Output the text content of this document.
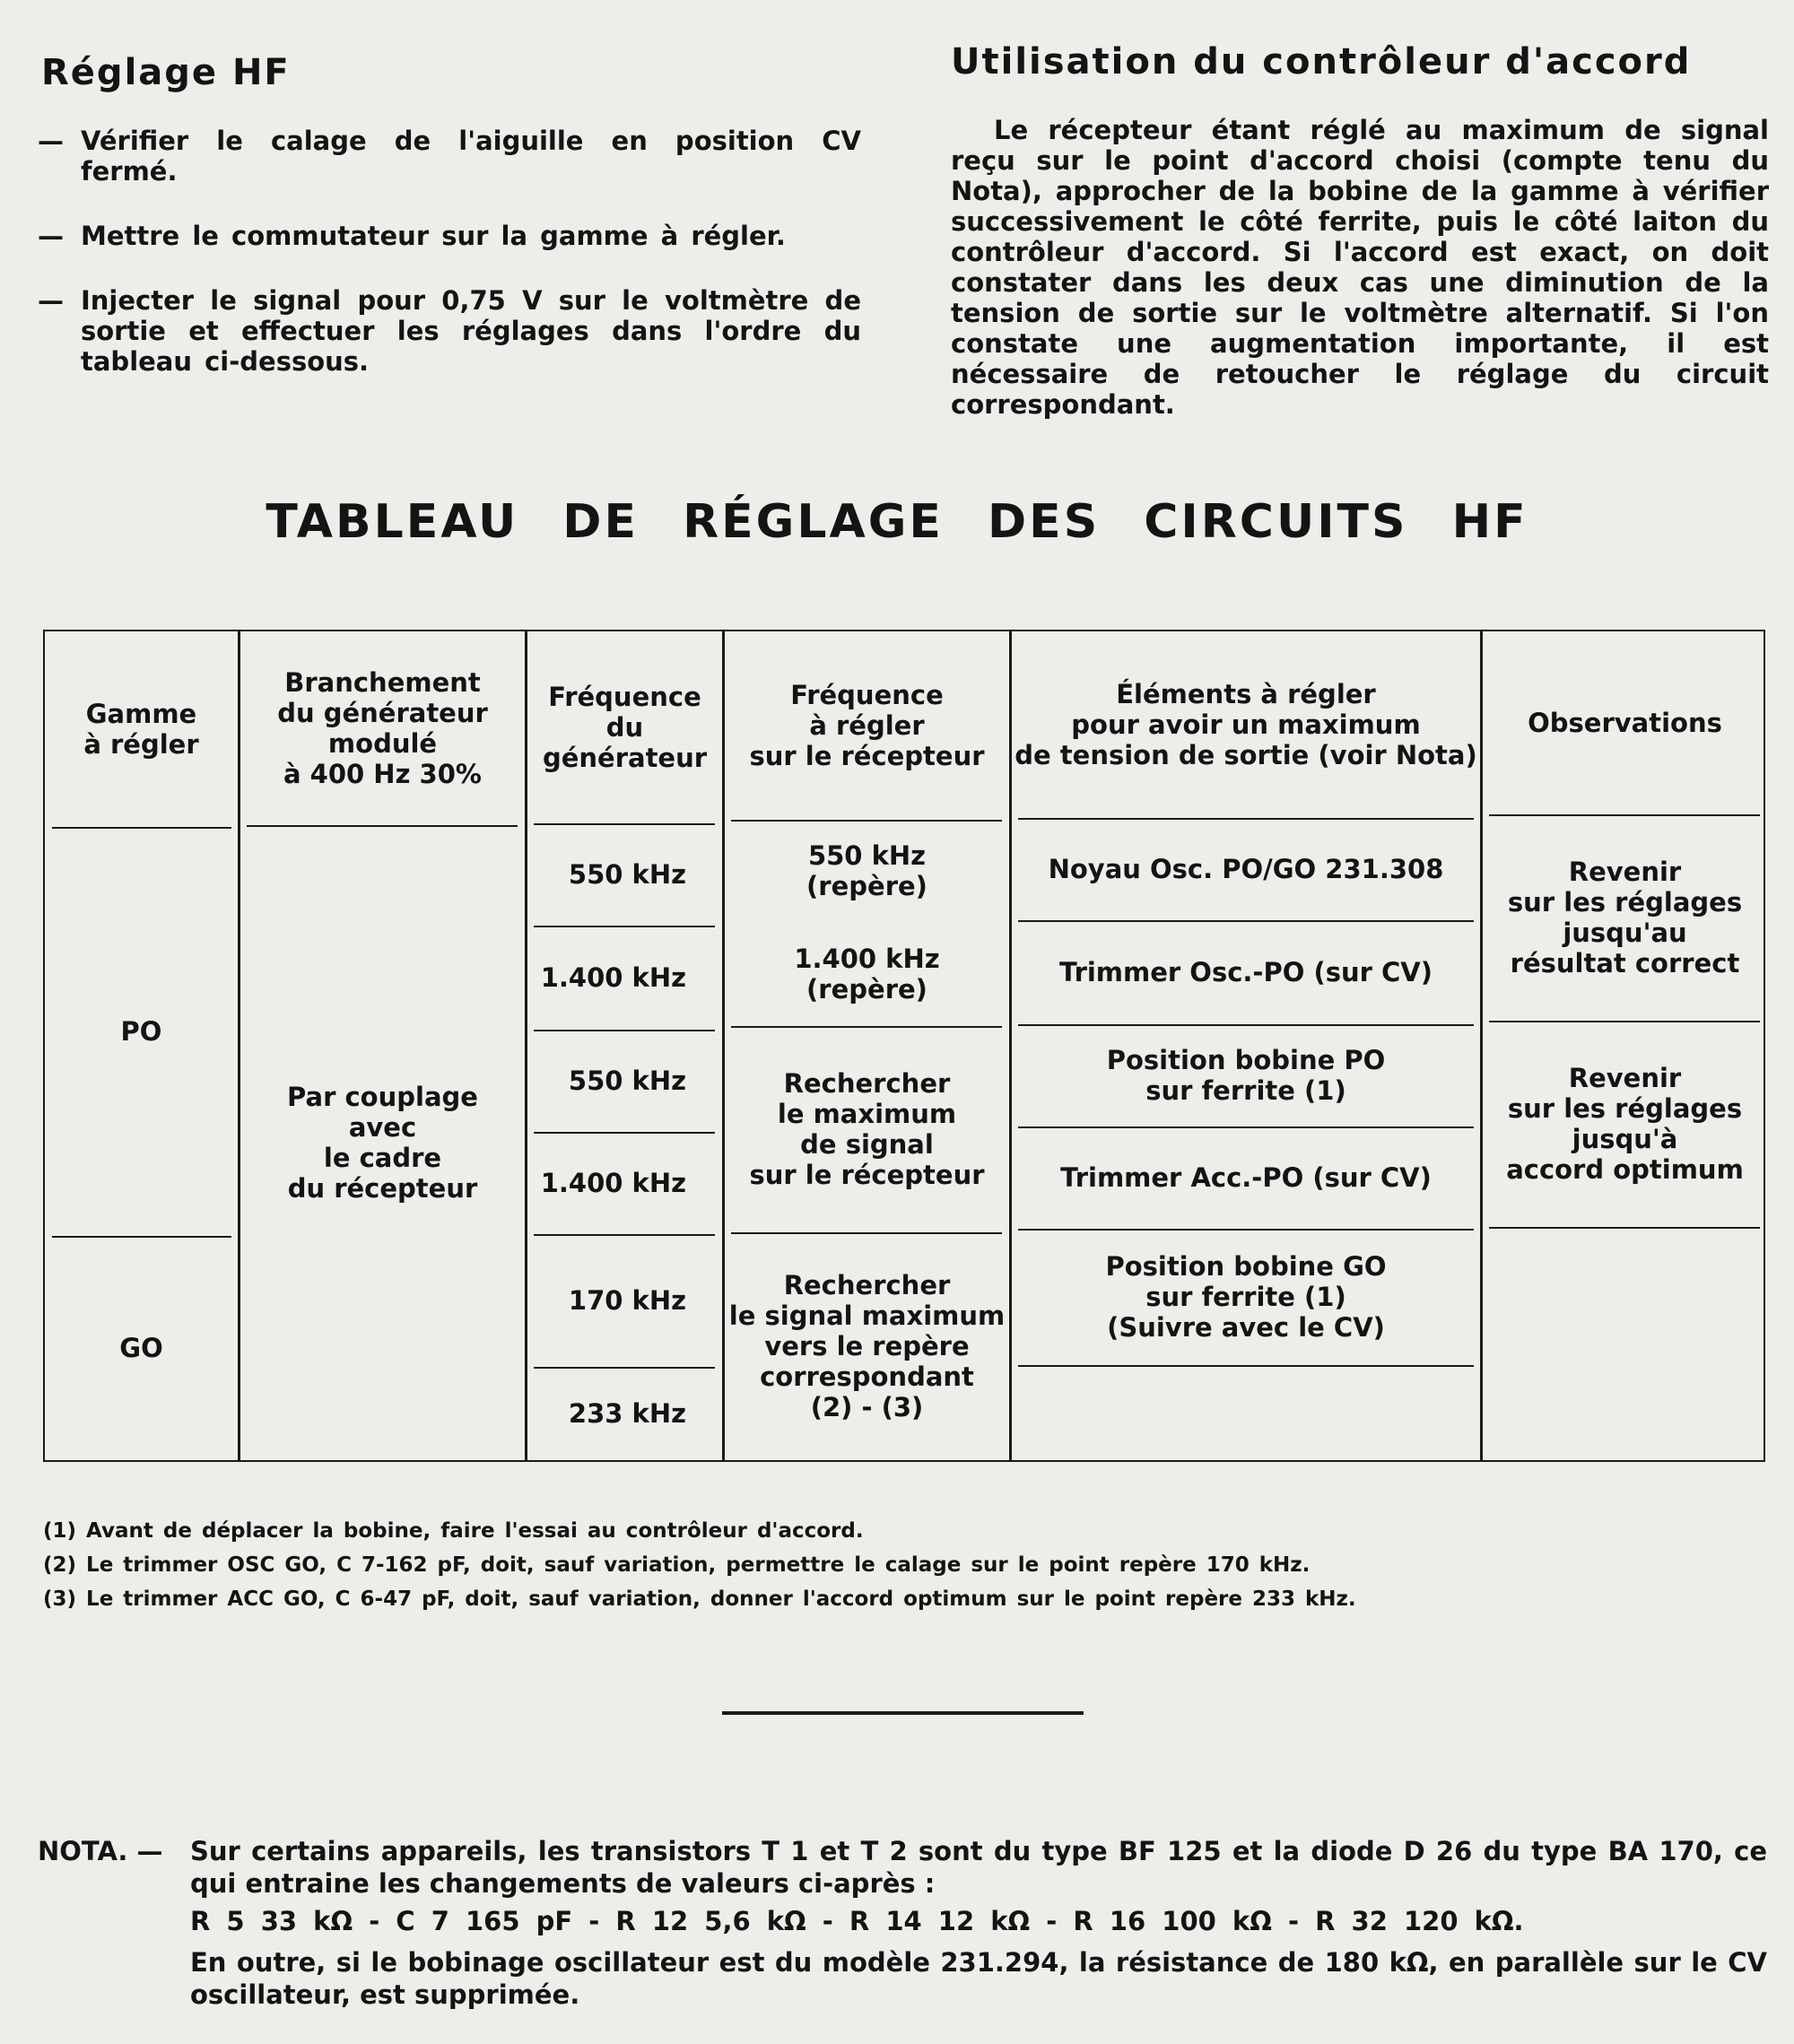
Réglage HF
— Vérifier le calage de l'aiguille en position CV fermé.
— Mettre le commutateur sur la gamme à régler.
— Injecter le signal pour 0,75 V sur le voltmètre de sortie et effectuer les réglages dans l'ordre du tableau ci-dessous.
Utilisation du contrôleur d'accord

Le récepteur étant réglé au maximum de signal reçu sur le point d'accord choisi (compte tenu du Nota), approcher de la bobine de la gamme à vérifier successivement le côté ferrite, puis le côté laiton du contrôleur d'accord. Si l'accord est exact, on doit constater dans les deux cas une diminution de la tension de sortie sur le voltmètre alternatif. Si l'on constate une augmentation importante, il est nécessaire de retoucher le réglage du circuit correspondant.

TABLEAU DE RÉGLAGE DES CIRCUITS HF
Gamme
à régler
Branchement
du générateur
modulé
à 400 Hz 30%
Fréquence
du
générateur
Fréquence
à régler
sur le récepteur
Éléments à régler
pour avoir un maximum
de tension de sortie (voir Nota)
Observations
PO
GO
Par couplage
avec
le cadre
du récepteur
550 kHz
1.400 kHz
550 kHz
1.400 kHz
170 kHz
233 kHz
550 kHz
(repère)
1.400 kHz
(repère)
Rechercher
le maximum
de signal
sur le récepteur
Rechercher
le signal maximum
vers le repère
correspondant
(2) - (3)
Noyau Osc. PO/GO 231.308
Trimmer Osc.-PO (sur CV)
Position bobine PO
sur ferrite (1)
Trimmer Acc.-PO (sur CV)
Position bobine GO
sur ferrite (1)
(Suivre avec le CV)
Revenir
sur les réglages
jusqu'au
résultat correct
Revenir
sur les réglages
jusqu'à
accord optimum
(1) Avant de déplacer la bobine, faire l'essai au contrôleur d'accord.
(2) Le trimmer OSC GO, C 7-162 pF, doit, sauf variation, permettre le calage sur le point repère 170 kHz.
(3) Le trimmer ACC GO, C 6-47 pF, doit, sauf variation, donner l'accord optimum sur le point repère 233 kHz.
NOTA. —	Sur certains appareils, les transistors T 1 et T 2 sont du type BF 125 et la diode D 26 du type BA 170, ce qui entraine les changements de valeurs ci-après :
R 5 33 kΩ - C 7 165 pF - R 12 5,6 kΩ - R 14 12 kΩ - R 16 100 kΩ - R 32 120 kΩ.
En outre, si le bobinage oscillateur est du modèle 231.294, la résistance de 180 kΩ, en parallèle sur le CV oscillateur, est supprimée.
